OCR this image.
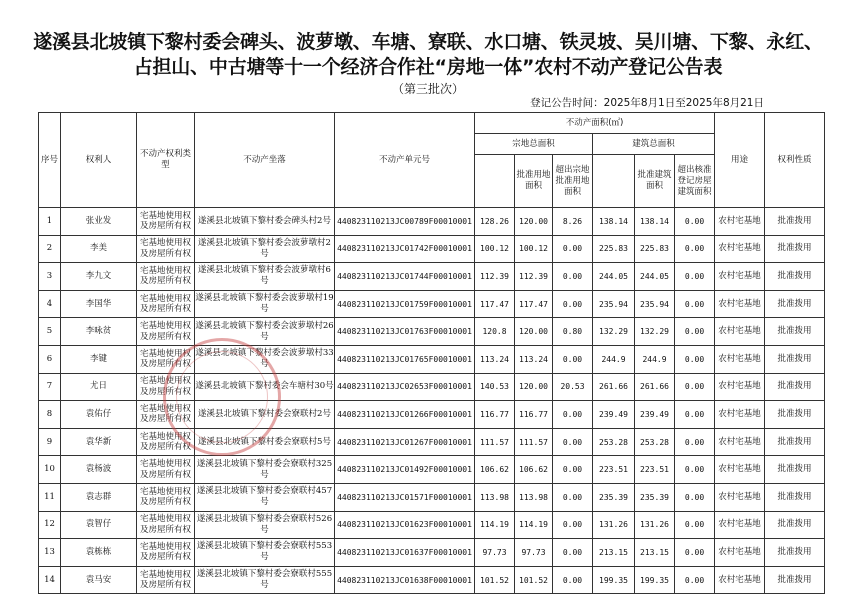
遂溪县北坡镇下黎村委会碑头、波萝墩、车塘、寮联、水口塘、铁灵坡、吴川塘、下黎、永红、
占担山、中古塘等十一个经济合作社“房地一体”农村不动产登记公告表
（第三批次）
登记公告时间：2025年8月1日至2025年8月21日
序号	权利人	不动产权利类型	不动产坐落	不动产单元号	不动产面积(㎡)						用途	权利性质
					宗地总面积			建筑总面积				
						批准用地面积	超出宗地批准用地面积		批准建筑面积	超出核准登记房屋建筑面积		
1	张业发	宅基地使用权及房屋所有权	遂溪县北坡镇下黎村委会碑头村2号	440823110213JC00789F00010001	128.26	120.00	8.26	138.14	138.14	0.00	农村宅基地	批准拨用
2	李美	宅基地使用权及房屋所有权	遂溪县北坡镇下黎村委会波萝墩村2号	440823110213JC01742F00010001	100.12	100.12	0.00	225.83	225.83	0.00	农村宅基地	批准拨用
3	李九文	宅基地使用权及房屋所有权	遂溪县北坡镇下黎村委会波萝墩村6号	440823110213JC01744F00010001	112.39	112.39	0.00	244.05	244.05	0.00	农村宅基地	批准拨用
4	李国华	宅基地使用权及房屋所有权	遂溪县北坡镇下黎村委会波萝墩村19号	440823110213JC01759F00010001	117.47	117.47	0.00	235.94	235.94	0.00	农村宅基地	批准拨用
5	李咏贫	宅基地使用权及房屋所有权	遂溪县北坡镇下黎村委会波萝墩村26号	440823110213JC01763F00010001	120.8	120.00	0.80	132.29	132.29	0.00	农村宅基地	批准拨用
6	李键	宅基地使用权及房屋所有权	遂溪县北坡镇下黎村委会波萝墩村33号	440823110213JC01765F00010001	113.24	113.24	0.00	244.9	244.9	0.00	农村宅基地	批准拨用
7	尤日	宅基地使用权及房屋所有权	遂溪县北坡镇下黎村委会车塘村30号	440823110213JC02653F00010001	140.53	120.00	20.53	261.66	261.66	0.00	农村宅基地	批准拨用
8	袁佑仔	宅基地使用权及房屋所有权	遂溪县北坡镇下黎村委会寮联村2号	440823110213JC01266F00010001	116.77	116.77	0.00	239.49	239.49	0.00	农村宅基地	批准拨用
9	袁华新	宅基地使用权及房屋所有权	遂溪县北坡镇下黎村委会寮联村5号	440823110213JC01267F00010001	111.57	111.57	0.00	253.28	253.28	0.00	农村宅基地	批准拨用
10	袁杨波	宅基地使用权及房屋所有权	遂溪县北坡镇下黎村委会寮联村325号	440823110213JC01492F00010001	106.62	106.62	0.00	223.51	223.51	0.00	农村宅基地	批准拨用
11	袁志群	宅基地使用权及房屋所有权	遂溪县北坡镇下黎村委会寮联村457号	440823110213JC01571F00010001	113.98	113.98	0.00	235.39	235.39	0.00	农村宅基地	批准拨用
12	袁智仔	宅基地使用权及房屋所有权	遂溪县北坡镇下黎村委会寮联村526号	440823110213JC01623F00010001	114.19	114.19	0.00	131.26	131.26	0.00	农村宅基地	批准拨用
13	袁栋栋	宅基地使用权及房屋所有权	遂溪县北坡镇下黎村委会寮联村553号	440823110213JC01637F00010001	97.73	97.73	0.00	213.15	213.15	0.00	农村宅基地	批准拨用
14	袁马安	宅基地使用权及房屋所有权	遂溪县北坡镇下黎村委会寮联村555号	440823110213JC01638F00010001	101.52	101.52	0.00	199.35	199.35	0.00	农村宅基地	批准拨用
